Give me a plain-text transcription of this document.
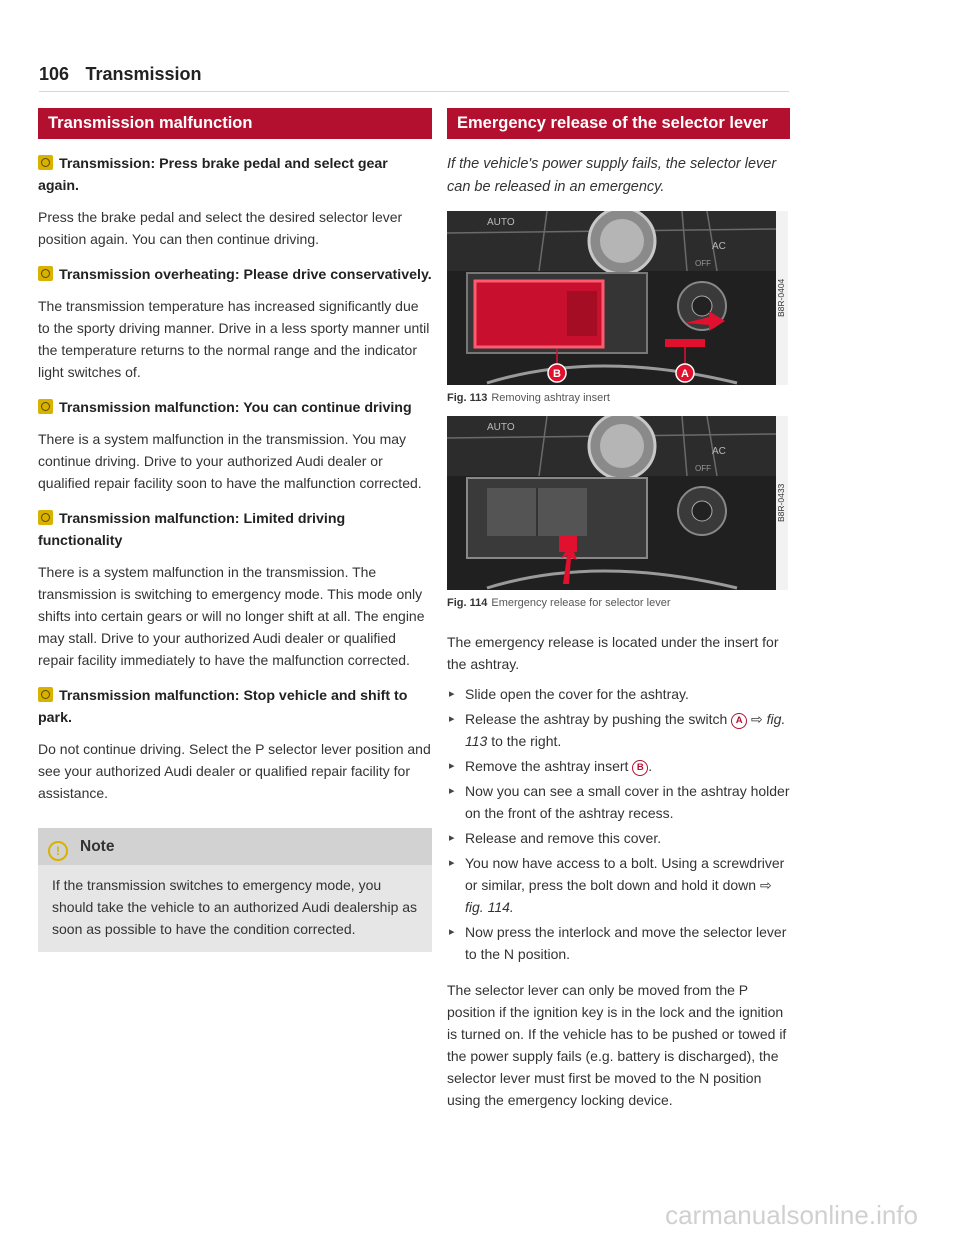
106 Transmission
Transmission malfunction
Transmission: Press brake pedal and select gear again.
Press the brake pedal and select the desired selector lever position again. You can then continue driving.
Transmission overheating: Please drive conservatively.
The transmission temperature has increased significantly due to the sporty driving manner. Drive in a less sporty manner until the temperature returns to the normal range and the indicator light switches of.
Transmission malfunction: You can continue driving
There is a system malfunction in the transmission. You may continue driving. Drive to your authorized Audi dealer or qualified repair facility soon to have the malfunction corrected.
Transmission malfunction: Limited driving functionality
There is a system malfunction in the transmission. The transmission is switching to emergency mode. This mode only shifts into certain gears or will no longer shift at all. The engine may stall. Drive to your authorized Audi dealer or qualified repair facility immediately to have the malfunction corrected.
Transmission malfunction: Stop vehicle and shift to park.
Do not continue driving. Select the P selector lever position and see your authorized Audi dealer or qualified repair facility for assistance.
! Note
If the transmission switches to emergency mode, you should take the vehicle to an authorized Audi dealership as soon as possible to have the condition corrected.
Emergency release of the selector lever
If the vehicle's power supply fails, the selector lever can be released in an emergency.
AUTO
AC
OFF
B	A
B8R-0404
Fig. 113 Removing ashtray insert
AUTO
AC
OFF
B8R-0433
Fig. 114 Emergency release for selector lever
The emergency release is located under the insert for the ashtray.
▸ Slide open the cover for the ashtray.
▸ Release the ashtray by pushing the switch A ⇨ fig. 113 to the right.
▸ Remove the ashtray insert B .
▸ Now you can see a small cover in the ashtray holder on the front of the ashtray recess.
▸ Release and remove this cover.
▸ You now have access to a bolt. Using a screwdriver or similar, press the bolt down and hold it down ⇨ fig. 114.
▸ Now press the interlock and move the selector lever to the N position.
The selector lever can only be moved from the P position if the ignition key is in the lock and the ignition is turned on. If the vehicle has to be pushed or towed if the power supply fails (e.g. battery is discharged), the selector lever must first be moved to the N position using the emergency locking device.
carmanualsonline.info
